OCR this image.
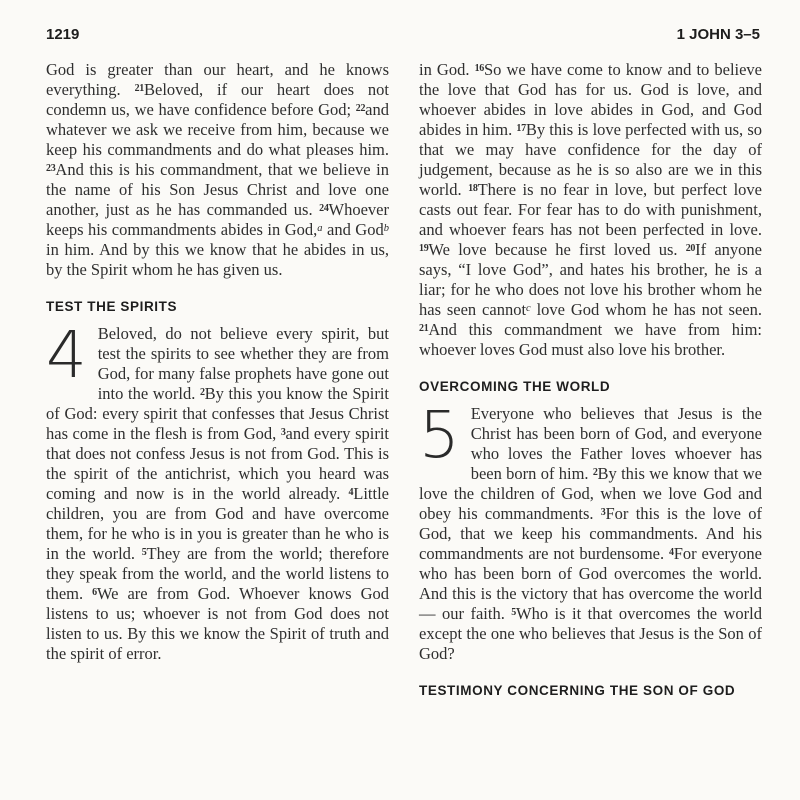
1219	1 JOHN 3–5

God is greater than our heart, and he knows everything. $^{21}$Beloved, if our heart does not condemn us, we have confidence before God; $^{22}$and whatever we ask we receive from him, because we keep his commandments and do what pleases him. $^{23}$And this is his commandment, that we believe in the name of his Son Jesus Christ and love one another, just as he has commanded us. $^{24}$Whoever keeps his commandments abides in God,$^a$ and God$^b$ in him. And by this we know that he abides in us, by the Spirit whom he has given us.

TEST THE SPIRITS

4 Beloved, do not believe every spirit, but test the spirits to see whether they are from God, for many false prophets have gone out into the world. $^2$By this you know the Spirit of God: every spirit that confesses that Jesus Christ has come in the flesh is from God, $^3$and every spirit that does not confess Jesus is not from God. This is the spirit of the antichrist, which you heard was coming and now is in the world already. $^4$Little children, you are from God and have overcome them, for he who is in you is greater than he who is in the world. $^5$They are from the world; therefore they speak from the world, and the world listens to them. $^6$We are from God. Whoever knows God listens to us; whoever is not from God does not listen to us. By this we know the Spirit of truth and the spirit of error.

in God. $^{16}$So we have come to know and to believe the love that God has for us. God is love, and whoever abides in love abides in God, and God abides in him. $^{17}$By this is love perfected with us, so that we may have confidence for the day of judgement, because as he is so also are we in this world. $^{18}$There is no fear in love, but perfect love casts out fear. For fear has to do with punishment, and whoever fears has not been perfected in love. $^{19}$We love because he first loved us. $^{20}$If anyone says, “I love God”, and hates his brother, he is a liar; for he who does not love his brother whom he has seen cannot$^c$ love God whom he has not seen. $^{21}$And this commandment we have from him: whoever loves God must also love his brother.

OVERCOMING THE WORLD

5 Everyone who believes that Jesus is the Christ has been born of God, and everyone who loves the Father loves whoever has been born of him. $^2$By this we know that we love the children of God, when we love God and obey his commandments. $^3$For this is the love of God, that we keep his commandments. And his commandments are not burdensome. $^4$For everyone who has been born of God overcomes the world. And this is the victory that has overcome the world — our faith. $^5$Who is it that overcomes the world except the one who believes that Jesus is the Son of God?

TESTIMONY CONCERNING THE SON OF GOD
